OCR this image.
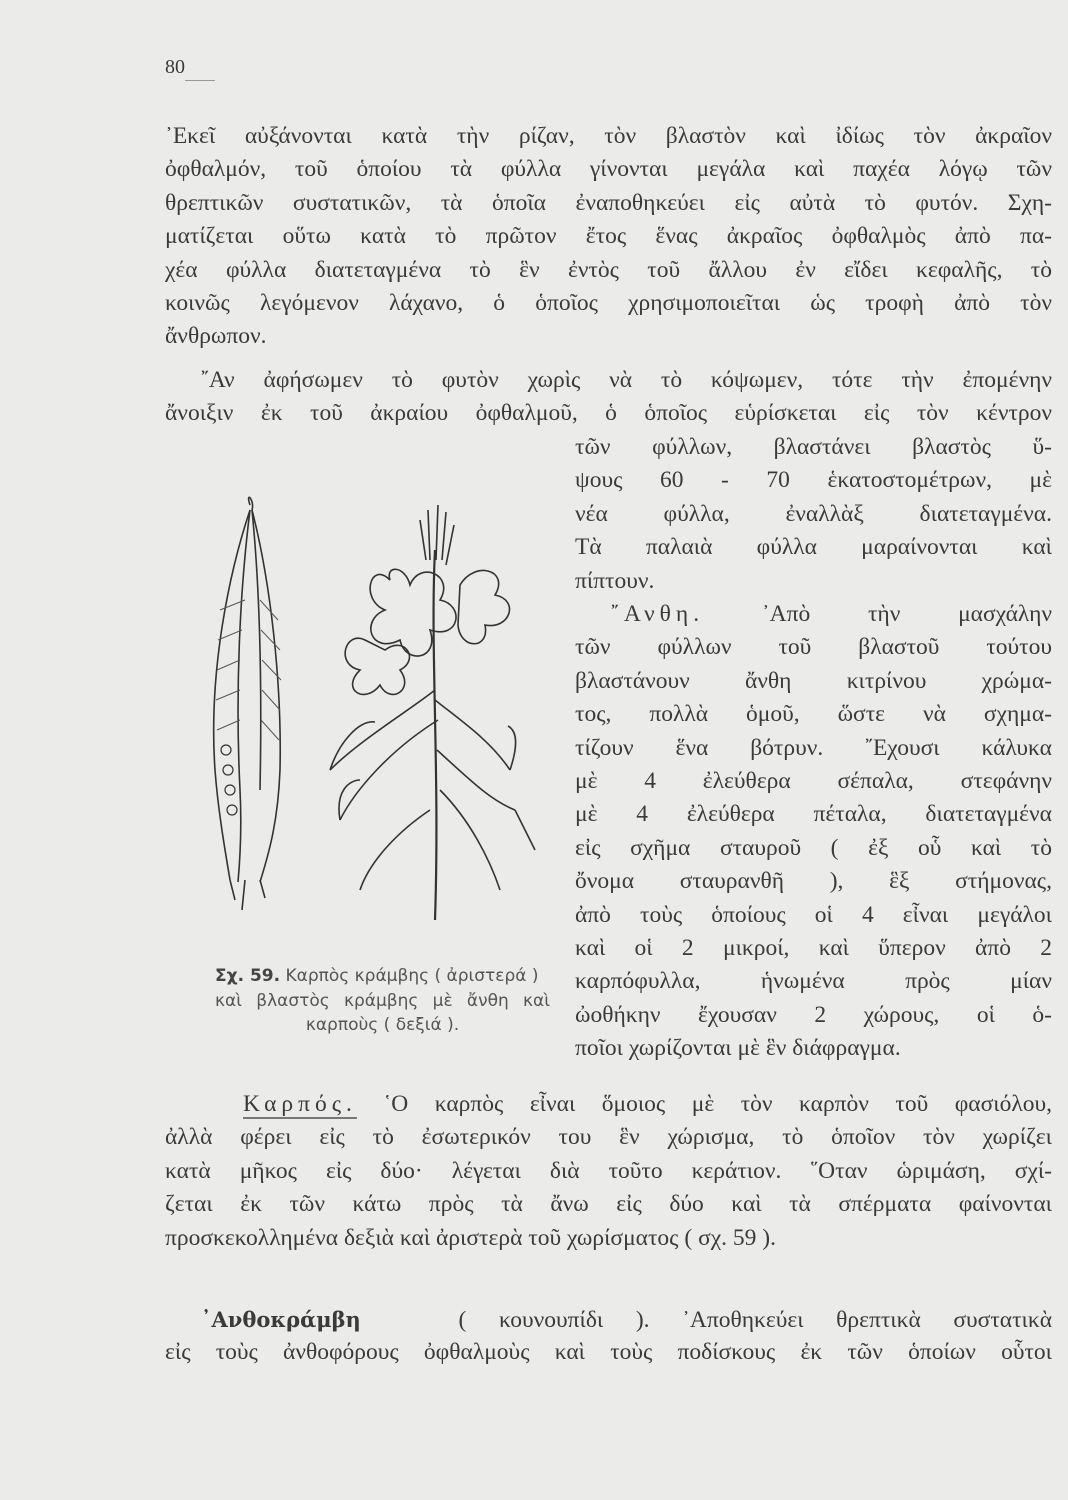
80
᾽Εκεῖ αὐξάνονται κατὰ τὴν ρίζαν, τὸν βλαστὸν καὶ ἰδίως τὸν ἀκραῖον
ὀφθαλμόν, τοῦ ὁποίου τὰ φύλλα γίνονται μεγάλα καὶ παχέα λόγῳ τῶν
θρεπτικῶν συστατικῶν, τὰ ὁποῖα ἐναποθηκεύει εἰς αὐτὰ τὸ φυτόν. Σχη-
ματίζεται οὕτω κατὰ τὸ πρῶτον ἔτος ἕνας ἀκραῖος ὀφθαλμὸς ἀπὸ πα-
χέα φύλλα διατεταγμένα τὸ ἓν ἐντὸς τοῦ ἄλλου ἐν εἴδει κεφαλῆς, τὸ
κοινῶς λεγόμενον λάχανο, ὁ ὁποῖος χρησιμοποιεῖται ὡς τροφὴ ἀπὸ τὸν
ἄνθρωπον.
῎Αν ἀφήσωμεν τὸ φυτὸν χωρὶς νὰ τὸ κόψωμεν, τότε τὴν ἐπομένην
ἄνοιξιν ἐκ τοῦ ἀκραίου ὀφθαλμοῦ, ὁ ὁποῖος εὑρίσκεται εἰς τὸν κέντρον
τῶν φύλλων, βλαστάνει βλαστὸς ὕ-
ψους 60 - 70 ἑκατοστομέτρων, μὲ
νέα φύλλα, ἐναλλὰξ διατεταγμένα.
Τὰ παλαιὰ φύλλα μαραίνονται καὶ
πίπτουν.
῎Ανθη. ᾽Απὸ τὴν μασχάλην
τῶν φύλλων τοῦ βλαστοῦ τούτου
βλαστάνουν ἄνθη κιτρίνου χρώμα-
τος, πολλὰ ὁμοῦ, ὥστε νὰ σχημα-
τίζουν ἕνα βότρυν. ῎Εχουσι κάλυκα
μὲ 4 ἐλεύθερα σέπαλα, στεφάνην
μὲ 4 ἐλεύθερα πέταλα, διατεταγμένα
εἰς σχῆμα σταυροῦ ( ἐξ οὗ καὶ τὸ
ὄνομα σταυρανθῆ ), ἓξ στήμονας,
ἀπὸ τοὺς ὁποίους οἱ 4 εἶναι μεγάλοι
καὶ οἱ 2 μικροί, καὶ ὕπερον ἀπὸ 2
καρπόφυλλα, ἡνωμένα πρὸς μίαν
ὠοθήκην ἔχουσαν 2 χώρους, οἱ ὁ-
ποῖοι χωρίζονται μὲ ἓν διάφραγμα.
Σχ. 59. Καρπὸς κράμβης ( ἀριστερά )
καὶ βλαστὸς κράμβης μὲ ἄνθη καὶ
καρποὺς ( δεξιά ).
Καρπός. ῾Ο καρπὸς εἶναι ὅμοιος μὲ τὸν καρπὸν τοῦ φασιόλου,
ἀλλὰ φέρει εἰς τὸ ἐσωτερικόν του ἓν χώρισμα, τὸ ὁποῖον τὸν χωρίζει
κατὰ μῆκος εἰς δύο· λέγεται διὰ τοῦτο κεράτιον. ῞Οταν ὡριμάση, σχί-
ζεται ἐκ τῶν κάτω πρὸς τὰ ἄνω εἰς δύο καὶ τὰ σπέρματα φαίνονται
προσκεκολλημένα δεξιὰ καὶ ἀριστερὰ τοῦ χωρίσματος ( σχ. 59 ).
᾽Ανθοκράμβη	( κουνουπίδι ). ᾽Αποθηκεύει θρεπτικὰ συστατικὰ
εἰς τοὺς ἀνθοφόρους ὀφθαλμοὺς καὶ τοὺς ποδίσκους ἐκ τῶν ὁποίων οὗτοι
